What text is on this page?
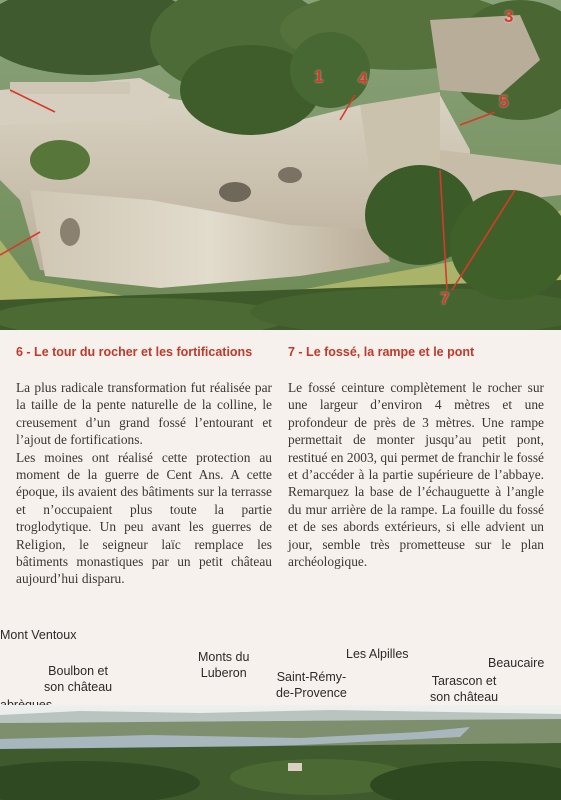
1
3
4
5
7
6 - Le tour du rocher et les fortifications

La plus radicale transformation fut réalisée par la taille de la pente naturelle de la colline, le creusement d’un grand fossé l’entourant et l’ajout de fortifications.

Les moines ont réalisé cette protection au moment de la guerre de Cent Ans. A cette époque, ils avaient des bâtiments sur la terrasse et n’occupaient plus toute la partie troglodytique. Un peu avant les guerres de Religion, le seigneur laïc remplace les bâtiments monastiques par un petit château aujourd’hui disparu.

7 - Le fossé, la rampe et le pont

Le fossé ceinture complètement le rocher sur une largeur d’environ 4 mètres et une profondeur de près de 3 mètres. Une rampe permettait de monter jusqu’au petit pont, restitué en 2003, qui permet de franchir le fossé et d’accéder à la partie supérieure de l’abbaye. Remarquez la base de l’échauguette à l’angle du mur arrière de la rampe. La fouille du fossé et de ses abords extérieurs, si elle advient un jour, semble très prometteuse sur le plan archéologique.

Mont Ventoux
Boulbon et
son château
Monts du
Luberon Saint-Rémy-
de-Provence
Les Alpilles
Tarascon et
son château
Beaucaire
